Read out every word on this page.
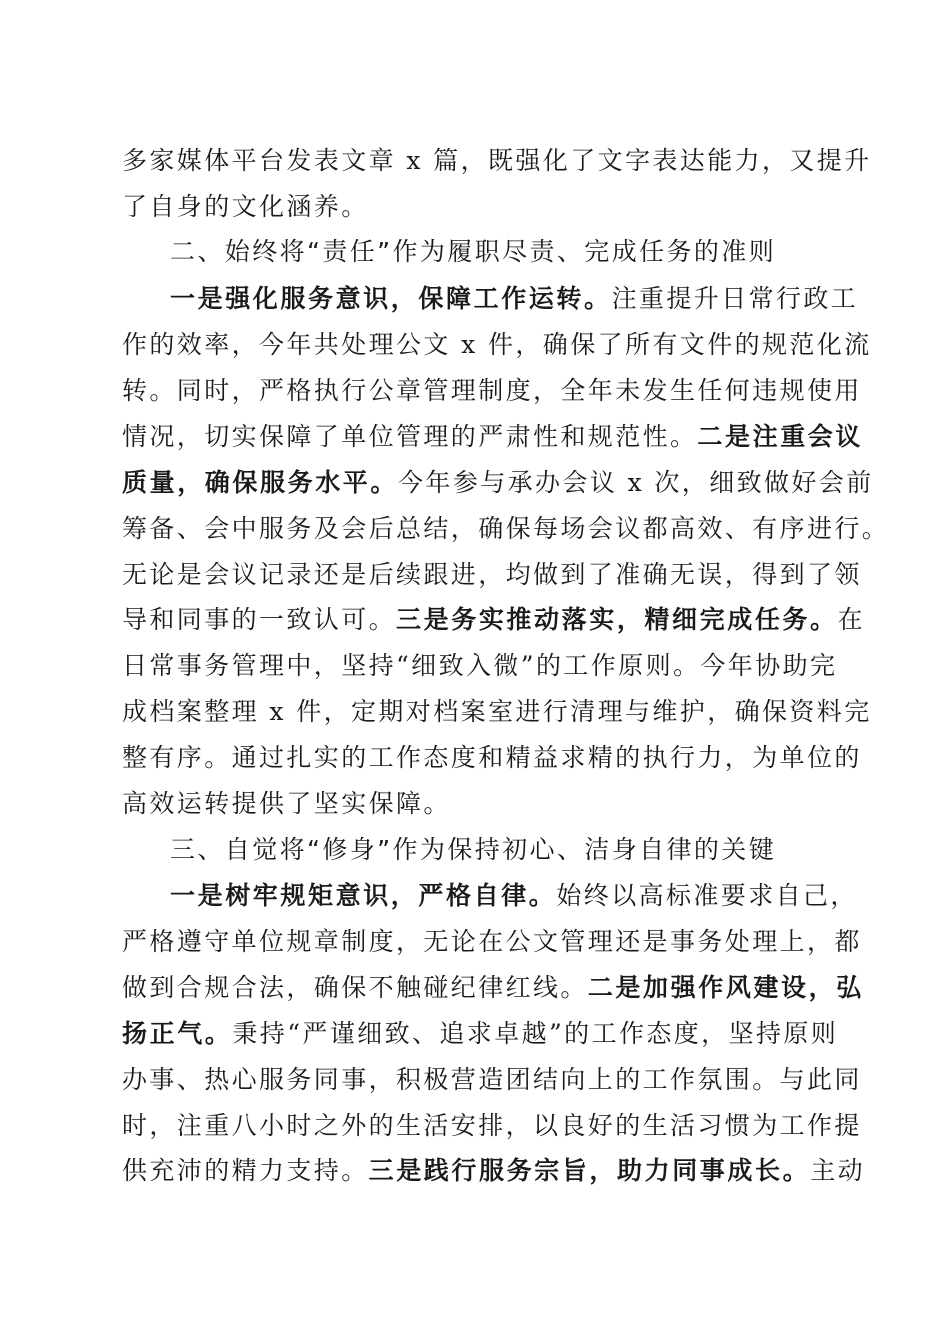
多家媒体平台发表文章 x 篇，既强化了文字表达能力，又提升
了自身的文化涵养。
二、始终将“责任”作为履职尽责、完成任务的准则
一是强化服务意识，保障工作运转。注重提升日常行政工
作的效率，今年共处理公文 x 件，确保了所有文件的规范化流
转。同时，严格执行公章管理制度，全年未发生任何违规使用
情况，切实保障了单位管理的严肃性和规范性。二是注重会议
质量，确保服务水平。今年参与承办会议 x 次，细致做好会前
筹备、会中服务及会后总结，确保每场会议都高效、有序进行。
无论是会议记录还是后续跟进，均做到了准确无误，得到了领
导和同事的一致认可。三是务实推动落实，精细完成任务。在
日常事务管理中，坚持“细致入微”的工作原则。今年协助完
成档案整理 x 件，定期对档案室进行清理与维护，确保资料完
整有序。通过扎实的工作态度和精益求精的执行力，为单位的
高效运转提供了坚实保障。
三、自觉将“修身”作为保持初心、洁身自律的关键
一是树牢规矩意识，严格自律。始终以高标准要求自己，
严格遵守单位规章制度，无论在公文管理还是事务处理上，都
做到合规合法，确保不触碰纪律红线。二是加强作风建设，弘
扬正气。秉持“严谨细致、追求卓越”的工作态度，坚持原则
办事、热心服务同事，积极营造团结向上的工作氛围。与此同
时，注重八小时之外的生活安排，以良好的生活习惯为工作提
供充沛的精力支持。三是践行服务宗旨，助力同事成长。主动
